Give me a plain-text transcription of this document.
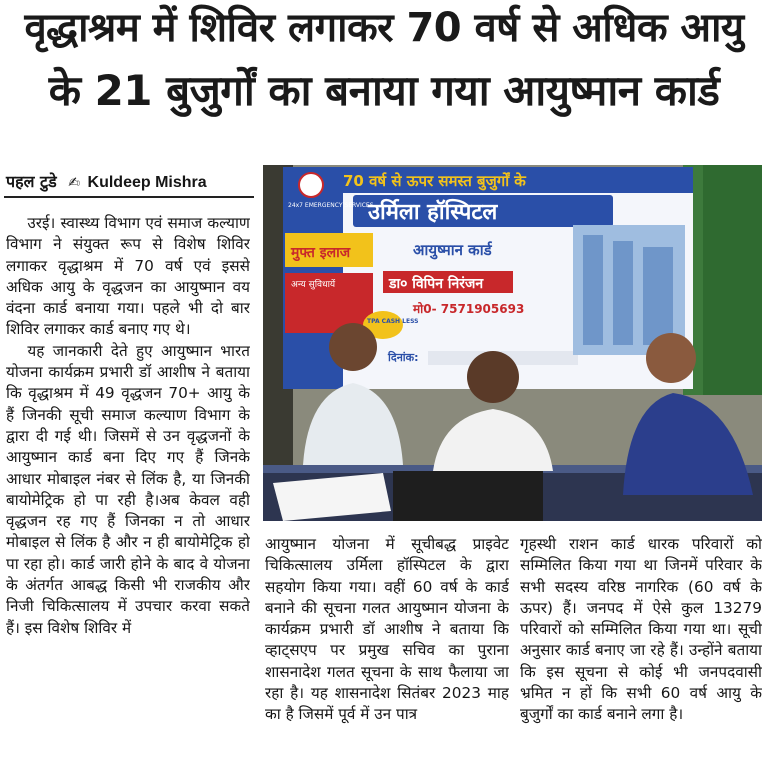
वृद्धाश्रम में शिविर लगाकर 70 वर्ष से अधिक आयु
के 21 बुजुर्गों का बनाया गया आयुष्मान कार्ड
पहल टुडे ✍ Kuldeep Mishra

उरई। स्वास्थ्य विभाग एवं समाज कल्याण विभाग ने संयुक्त रूप से विशेष शिविर लगाकर वृद्धाश्रम में 70 वर्ष एवं इससे अधिक आयु के वृद्धजन का आयुष्मान वय वंदना कार्ड बनाया गया। पहले भी दो बार शिविर लगाकर कार्ड बनाए गए थे।

यह जानकारी देते हुए आयुष्मान भारत योजना कार्यक्रम प्रभारी डॉ आशीष ने बताया कि वृद्धाश्रम में 49 वृद्धजन 70+ आयु के हैं जिनकी सूची समाज कल्याण विभाग के द्वारा दी गई थी। जिसमें से उन वृद्धजनों के आयुष्मान कार्ड बना दिए गए हैं जिनके आधार मोबाइल नंबर से लिंक है, या जिनकी बायोमेट्रिक हो पा रही है।अब केवल वही वृद्धजन रह गए हैं जिनका न तो आधार मोबाइल से लिंक है और न ही बायोमेट्रिक हो पा रहा हो। कार्ड जारी होने के बाद वे योजना के अंतर्गत आबद्ध किसी भी राजकीय और निजी चिकित्सालय में उपचार करवा सकते हैं। इस विशेष शिविर में

70 वर्ष से ऊपर समस्त बुजुर्गों के
उर्मिला हॉस्पिटल
24x7 EMERGENCY SERVICES
मुफ्त इलाज
अन्य सुविधायें
TPA CASH LESS
आयुष्मान कार्ड
डा० विपिन निरंजन
मो0- 7571905693
दिनांक:

आयुष्मान योजना में सूचीबद्ध प्राइवेट चिकित्सालय उर्मिला हॉस्पिटल के द्वारा सहयोग किया गया। वहीं 60 वर्ष के कार्ड बनाने की सूचना गलत आयुष्मान योजना के कार्यक्रम प्रभारी डॉ आशीष ने बताया कि व्हाट्सएप पर प्रमुख सचिव का पुराना शासनादेश गलत सूचना के साथ फैलाया जा रहा है। यह शासनादेश सितंबर 2023 माह का है जिसमें पूर्व में उन पात्र

गृहस्थी राशन कार्ड धारक परिवारों को सम्मिलित किया गया था जिनमें परिवार के सभी सदस्य वरिष्ठ नागरिक (60 वर्ष के ऊपर) हैं। जनपद में ऐसे कुल 13279 परिवारों को सम्मिलित किया गया था। सूची अनुसार कार्ड बनाए जा रहे हैं। उन्होंने बताया कि इस सूचना से कोई भी जनपदवासी भ्रमित न हों कि सभी 60 वर्ष आयु के बुजुर्गों का कार्ड बनाने लगा है।
